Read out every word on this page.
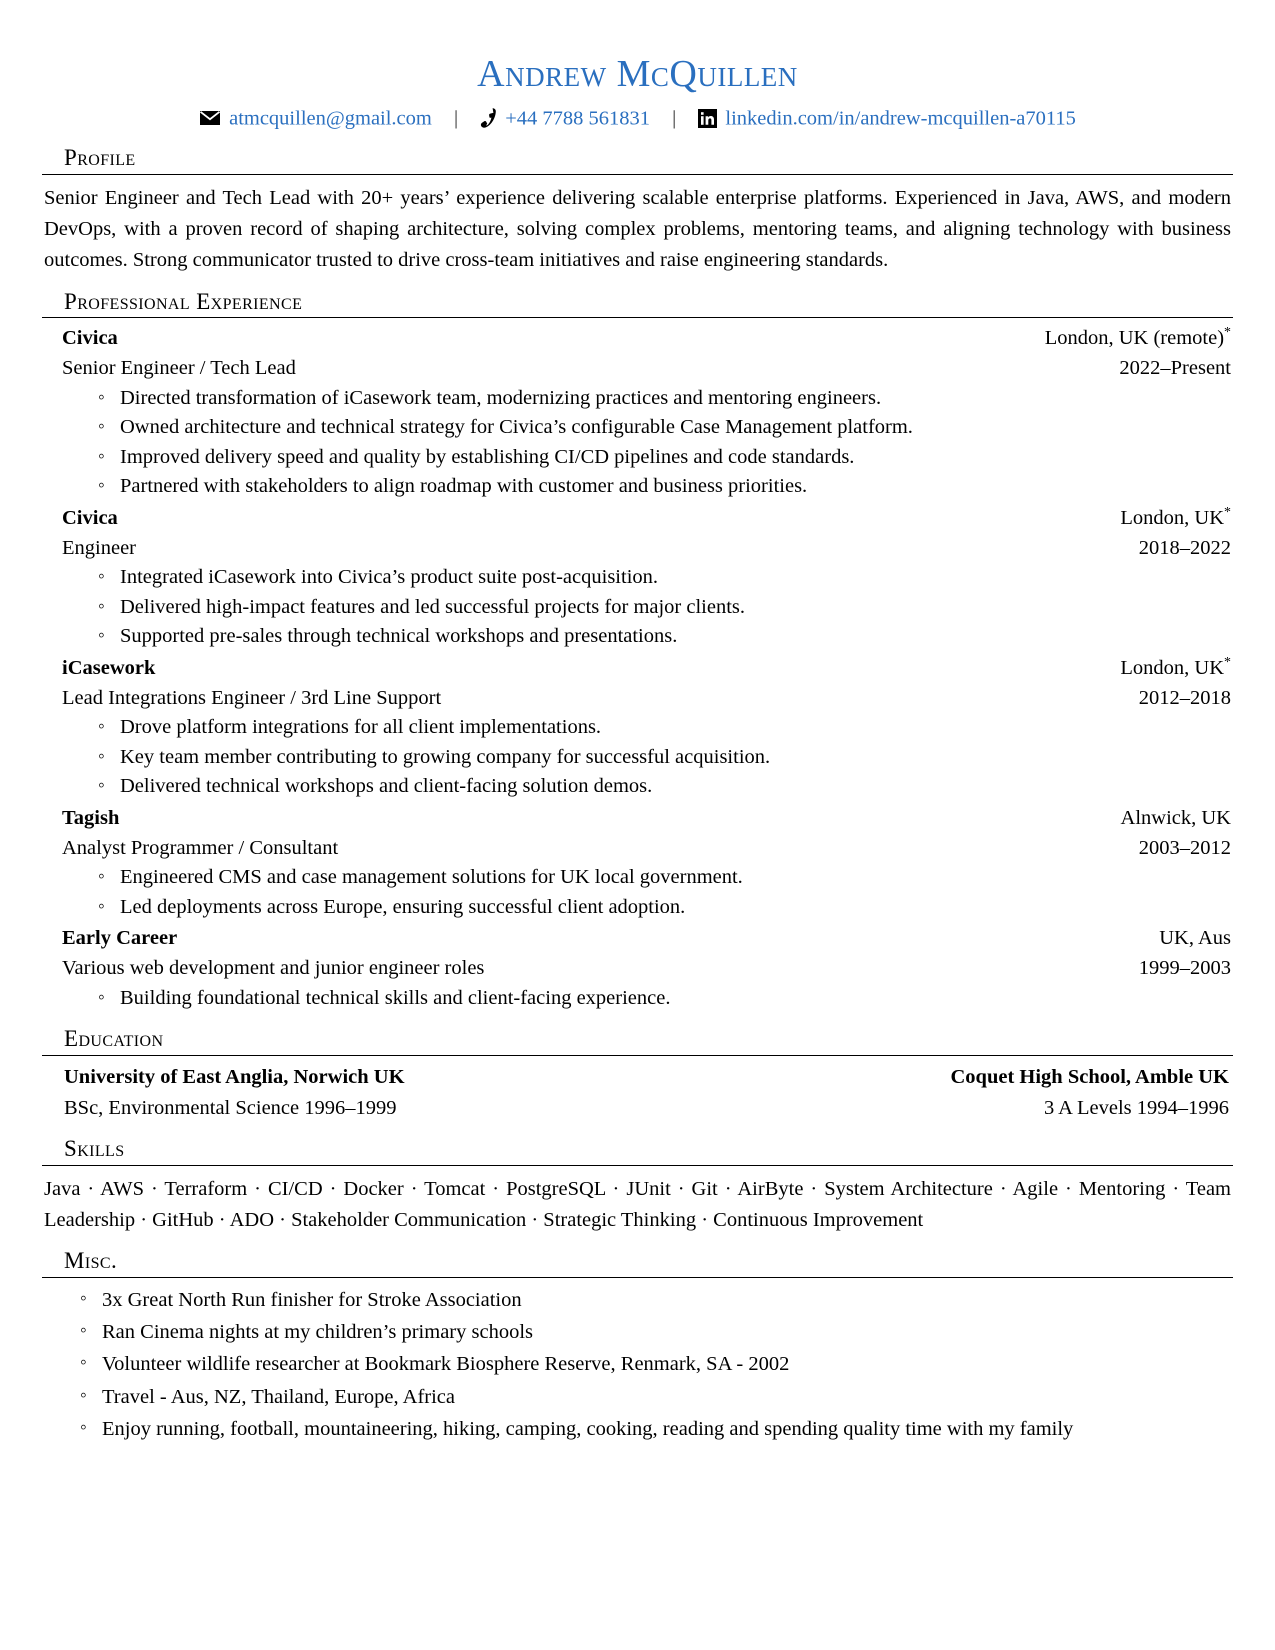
Andrew McQuillen
atmcquillen@gmail.com | +44 7788 561831 | linkedin.com/in/andrew-mcquillen-a70115
Profile
Senior Engineer and Tech Lead with 20+ years’ experience delivering scalable enterprise platforms. Experienced in Java, AWS, and modern DevOps, with a proven record of shaping architecture, solving complex problems, mentoring teams, and aligning technology with business outcomes. Strong communicator trusted to drive cross-team initiatives and raise engineering standards.
Professional Experience
Civica	London, UK (remote)*
Senior Engineer / Tech Lead	2022–Present
◦ Directed transformation of iCasework team, modernizing practices and mentoring engineers.
◦ Owned architecture and technical strategy for Civica’s configurable Case Management platform.
◦ Improved delivery speed and quality by establishing CI/CD pipelines and code standards.
◦ Partnered with stakeholders to align roadmap with customer and business priorities.
Civica	London, UK*
Engineer	2018–2022
◦ Integrated iCasework into Civica’s product suite post-acquisition.
◦ Delivered high-impact features and led successful projects for major clients.
◦ Supported pre-sales through technical workshops and presentations.
iCasework	London, UK*
Lead Integrations Engineer / 3rd Line Support	2012–2018
◦ Drove platform integrations for all client implementations.
◦ Key team member contributing to growing company for successful acquisition.
◦ Delivered technical workshops and client-facing solution demos.
Tagish	Alnwick, UK
Analyst Programmer / Consultant	2003–2012
◦ Engineered CMS and case management solutions for UK local government.
◦ Led deployments across Europe, ensuring successful client adoption.
Early Career	UK, Aus
Various web development and junior engineer roles	1999–2003
◦ Building foundational technical skills and client-facing experience.
Education
University of East Anglia, Norwich UK	Coquet High School, Amble UK
BSc, Environmental Science 1996–1999	3 A Levels 1994–1996
Skills
Java · AWS · Terraform · CI/CD · Docker · Tomcat · PostgreSQL · JUnit · Git · AirByte · System Architecture · Agile · Mentoring · Team Leadership · GitHub · ADO · Stakeholder Communication · Strategic Thinking · Continuous Improvement
Misc.
◦ 3x Great North Run finisher for Stroke Association
◦ Ran Cinema nights at my children’s primary schools
◦ Volunteer wildlife researcher at Bookmark Biosphere Reserve, Renmark, SA - 2002
◦ Travel - Aus, NZ, Thailand, Europe, Africa
◦ Enjoy running, football, mountaineering, hiking, camping, cooking, reading and spending quality time with my family
